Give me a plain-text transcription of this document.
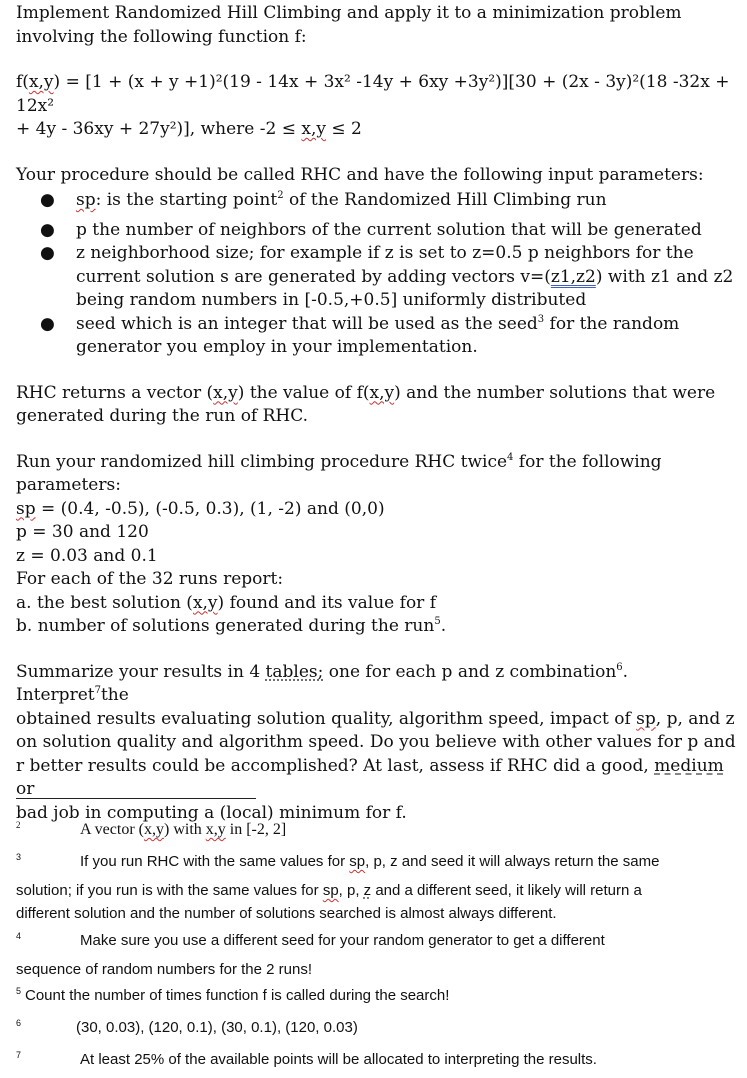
Implement Randomized Hill Climbing and apply it to a minimization problem
involving the following function f:

f(x,y) = [1 + (x + y +1)²(19 - 14x + 3x² -14y + 6xy +3y²)][30 + (2x - 3y)²(18 -32x + 12x²
+ 4y - 36xy + 27y²)], where -2 ≤ x,y ≤ 2

Your procedure should be called RHC and have the following input parameters:

● sp: is the starting point$^2$ of the Randomized Hill Climbing run
● p the number of neighbors of the current solution that will be generated
● z neighborhood size; for example if z is set to z=0.5 p neighbors for the
current solution s are generated by adding vectors v=(z1,z2) with z1 and z2
being random numbers in [-0.5,+0.5] uniformly distributed
● seed which is an integer that will be used as the seed$^3$ for the random
generator you employ in your implementation.

RHC returns a vector (x,y) the value of f(x,y) and the number solutions that were
generated during the run of RHC.

Run your randomized hill climbing procedure RHC twice$^4$ for the following
parameters:
sp = (0.4, -0.5), (-0.5, 0.3), (1, -2) and (0,0)
p = 30 and 120
z = 0.03 and 0.1
For each of the 32 runs report:
a. the best solution (x,y) found and its value for f
b. number of solutions generated during the run$^5$.

Summarize your results in 4 tables; one for each p and z combination$^6$. Interpret$^7$the
obtained results evaluating solution quality, algorithm speed, impact of sp, p, and z
on solution quality and algorithm speed. Do you believe with other values for p and
r better results could be accomplished? At last, assess if RHC did a good, medium or
bad job in computing a (local) minimum for f.

2	A vector (x,y) with x,y in [-2, 2]
3	If you run RHC with the same values for sp, p, z and seed it will always return the same
solution; if you run is with the same values for sp, p, z and a different seed, it likely will return a
different solution and the number of solutions searched is almost always different.
4	Make sure you use a different seed for your random generator to get a different
sequence of random numbers for the 2 runs!
5 Count the number of times function f is called during the search!
6	(30, 0.03), (120, 0.1), (30, 0.1), (120, 0.03)
7	At least 25% of the available points will be allocated to interpreting the results.
